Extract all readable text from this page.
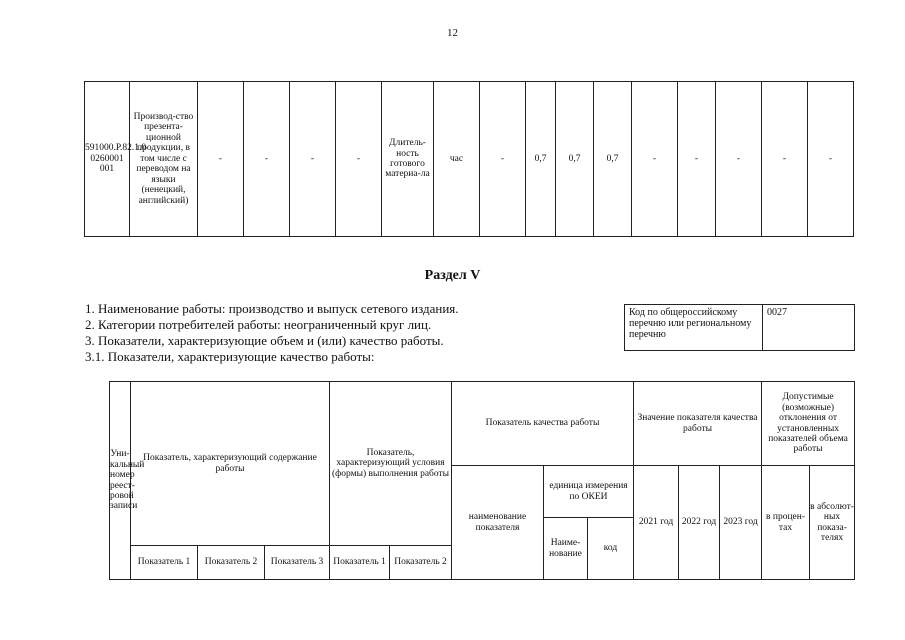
12
591000.Р.82.1.0 0260001 001	Производ-ство презента-ционной продукции, в том числе с переводом на языки (ненецкий, английский)	-	-	-	-	Длитель-ность готового материа-ла	час	-	0,7	0,7	0,7	-	-	-	-	-
Раздел V
1. Наименование работы: производство и выпуск сетевого издания.
2. Категории потребителей работы: неограниченный круг лиц.
3. Показатели, характеризующие объем и (или) качество работы.
3.1. Показатели, характеризующие качество работы:
Код по общероссийскому перечню или региональному перечню	0027
Уни-кальный номер реест-ровой записи	Показатель, характеризующий содержание работы			Показатель, характеризующий условия (формы) выполнения работы		Показатель качества работы			Значение показателя качества работы			Допустимые (возможные) отклонения от установленных показателей объема работы	
						наименование показателя	единица измерения по ОКЕИ		2021 год	2022 год	2023 год	в процен-тах	в абсолют-ных показа-телях
							Наиме-нование	код					
	Показатель 1	Показатель 2	Показатель 3	Показатель 1	Показатель 2								
